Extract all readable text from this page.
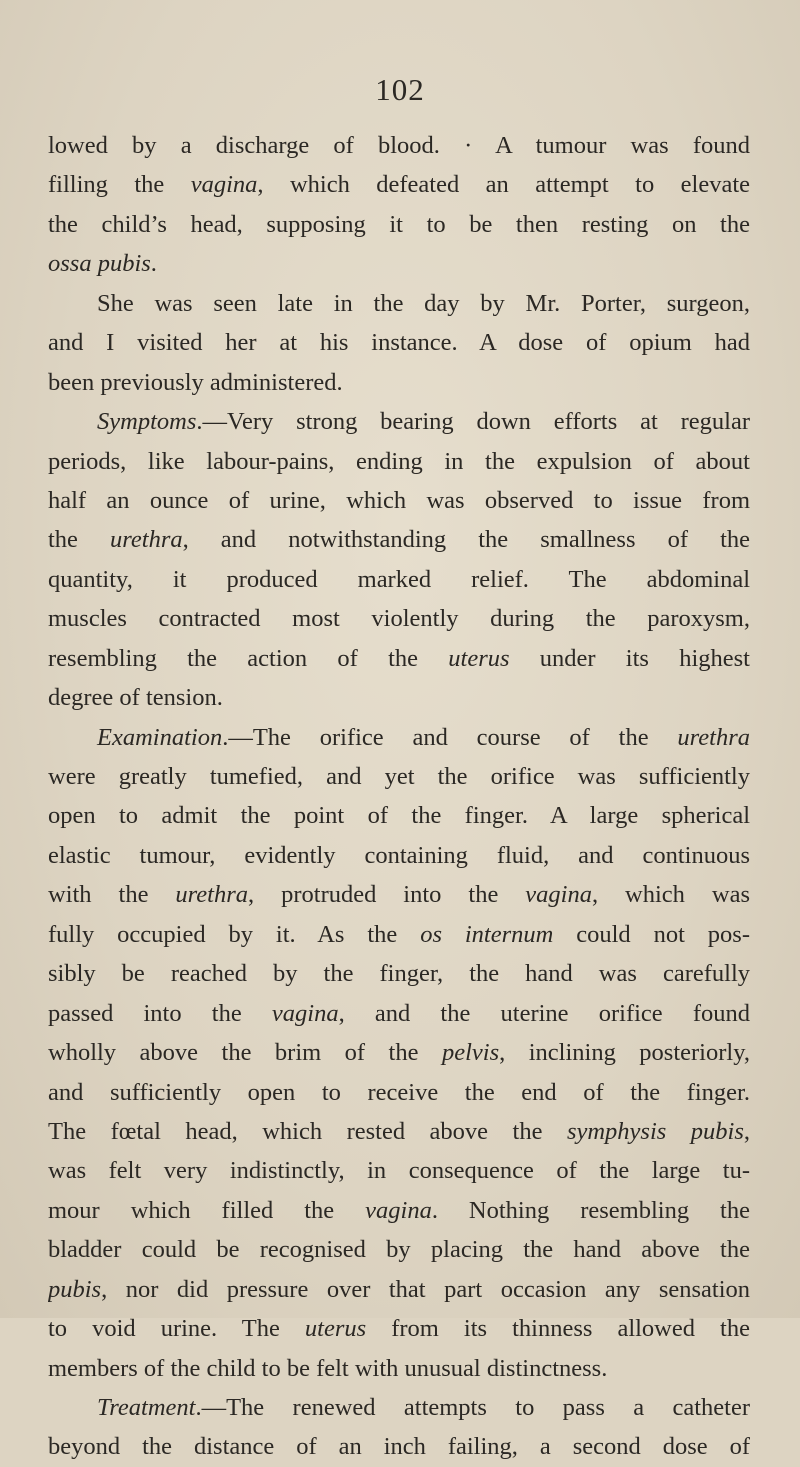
102
lowed by a discharge of blood. · A tumour was found
filling the vagina, which defeated an attempt to elevate
the child’s head, supposing it to be then resting on the
ossa pubis.
She was seen late in the day by Mr. Porter, surgeon,
and I visited her at his instance. A dose of opium had
been previously administered.
Symptoms.—Very strong bearing down efforts at regular
periods, like labour-pains, ending in the expulsion of about
half an ounce of urine, which was observed to issue from
the urethra, and notwithstanding the smallness of the
quantity, it produced marked relief. The abdominal
muscles contracted most violently during the paroxysm,
resembling the action of the uterus under its highest
degree of tension.
Examination.—The orifice and course of the urethra
were greatly tumefied, and yet the orifice was sufficiently
open to admit the point of the finger. A large spherical
elastic tumour, evidently containing fluid, and continuous
with the urethra, protruded into the vagina, which was
fully occupied by it. As the os internum could not pos-
sibly be reached by the finger, the hand was carefully
passed into the vagina, and the uterine orifice found
wholly above the brim of the pelvis, inclining posteriorly,
and sufficiently open to receive the end of the finger.
The fœtal head, which rested above the symphysis pubis,
was felt very indistinctly, in consequence of the large tu-
mour which filled the vagina. Nothing resembling the
bladder could be recognised by placing the hand above the
pubis, nor did pressure over that part occasion any sensation
to void urine. The uterus from its thinness allowed the
members of the child to be felt with unusual distinctness.
Treatment.—The renewed attempts to pass a catheter
beyond the distance of an inch failing, a second dose of
